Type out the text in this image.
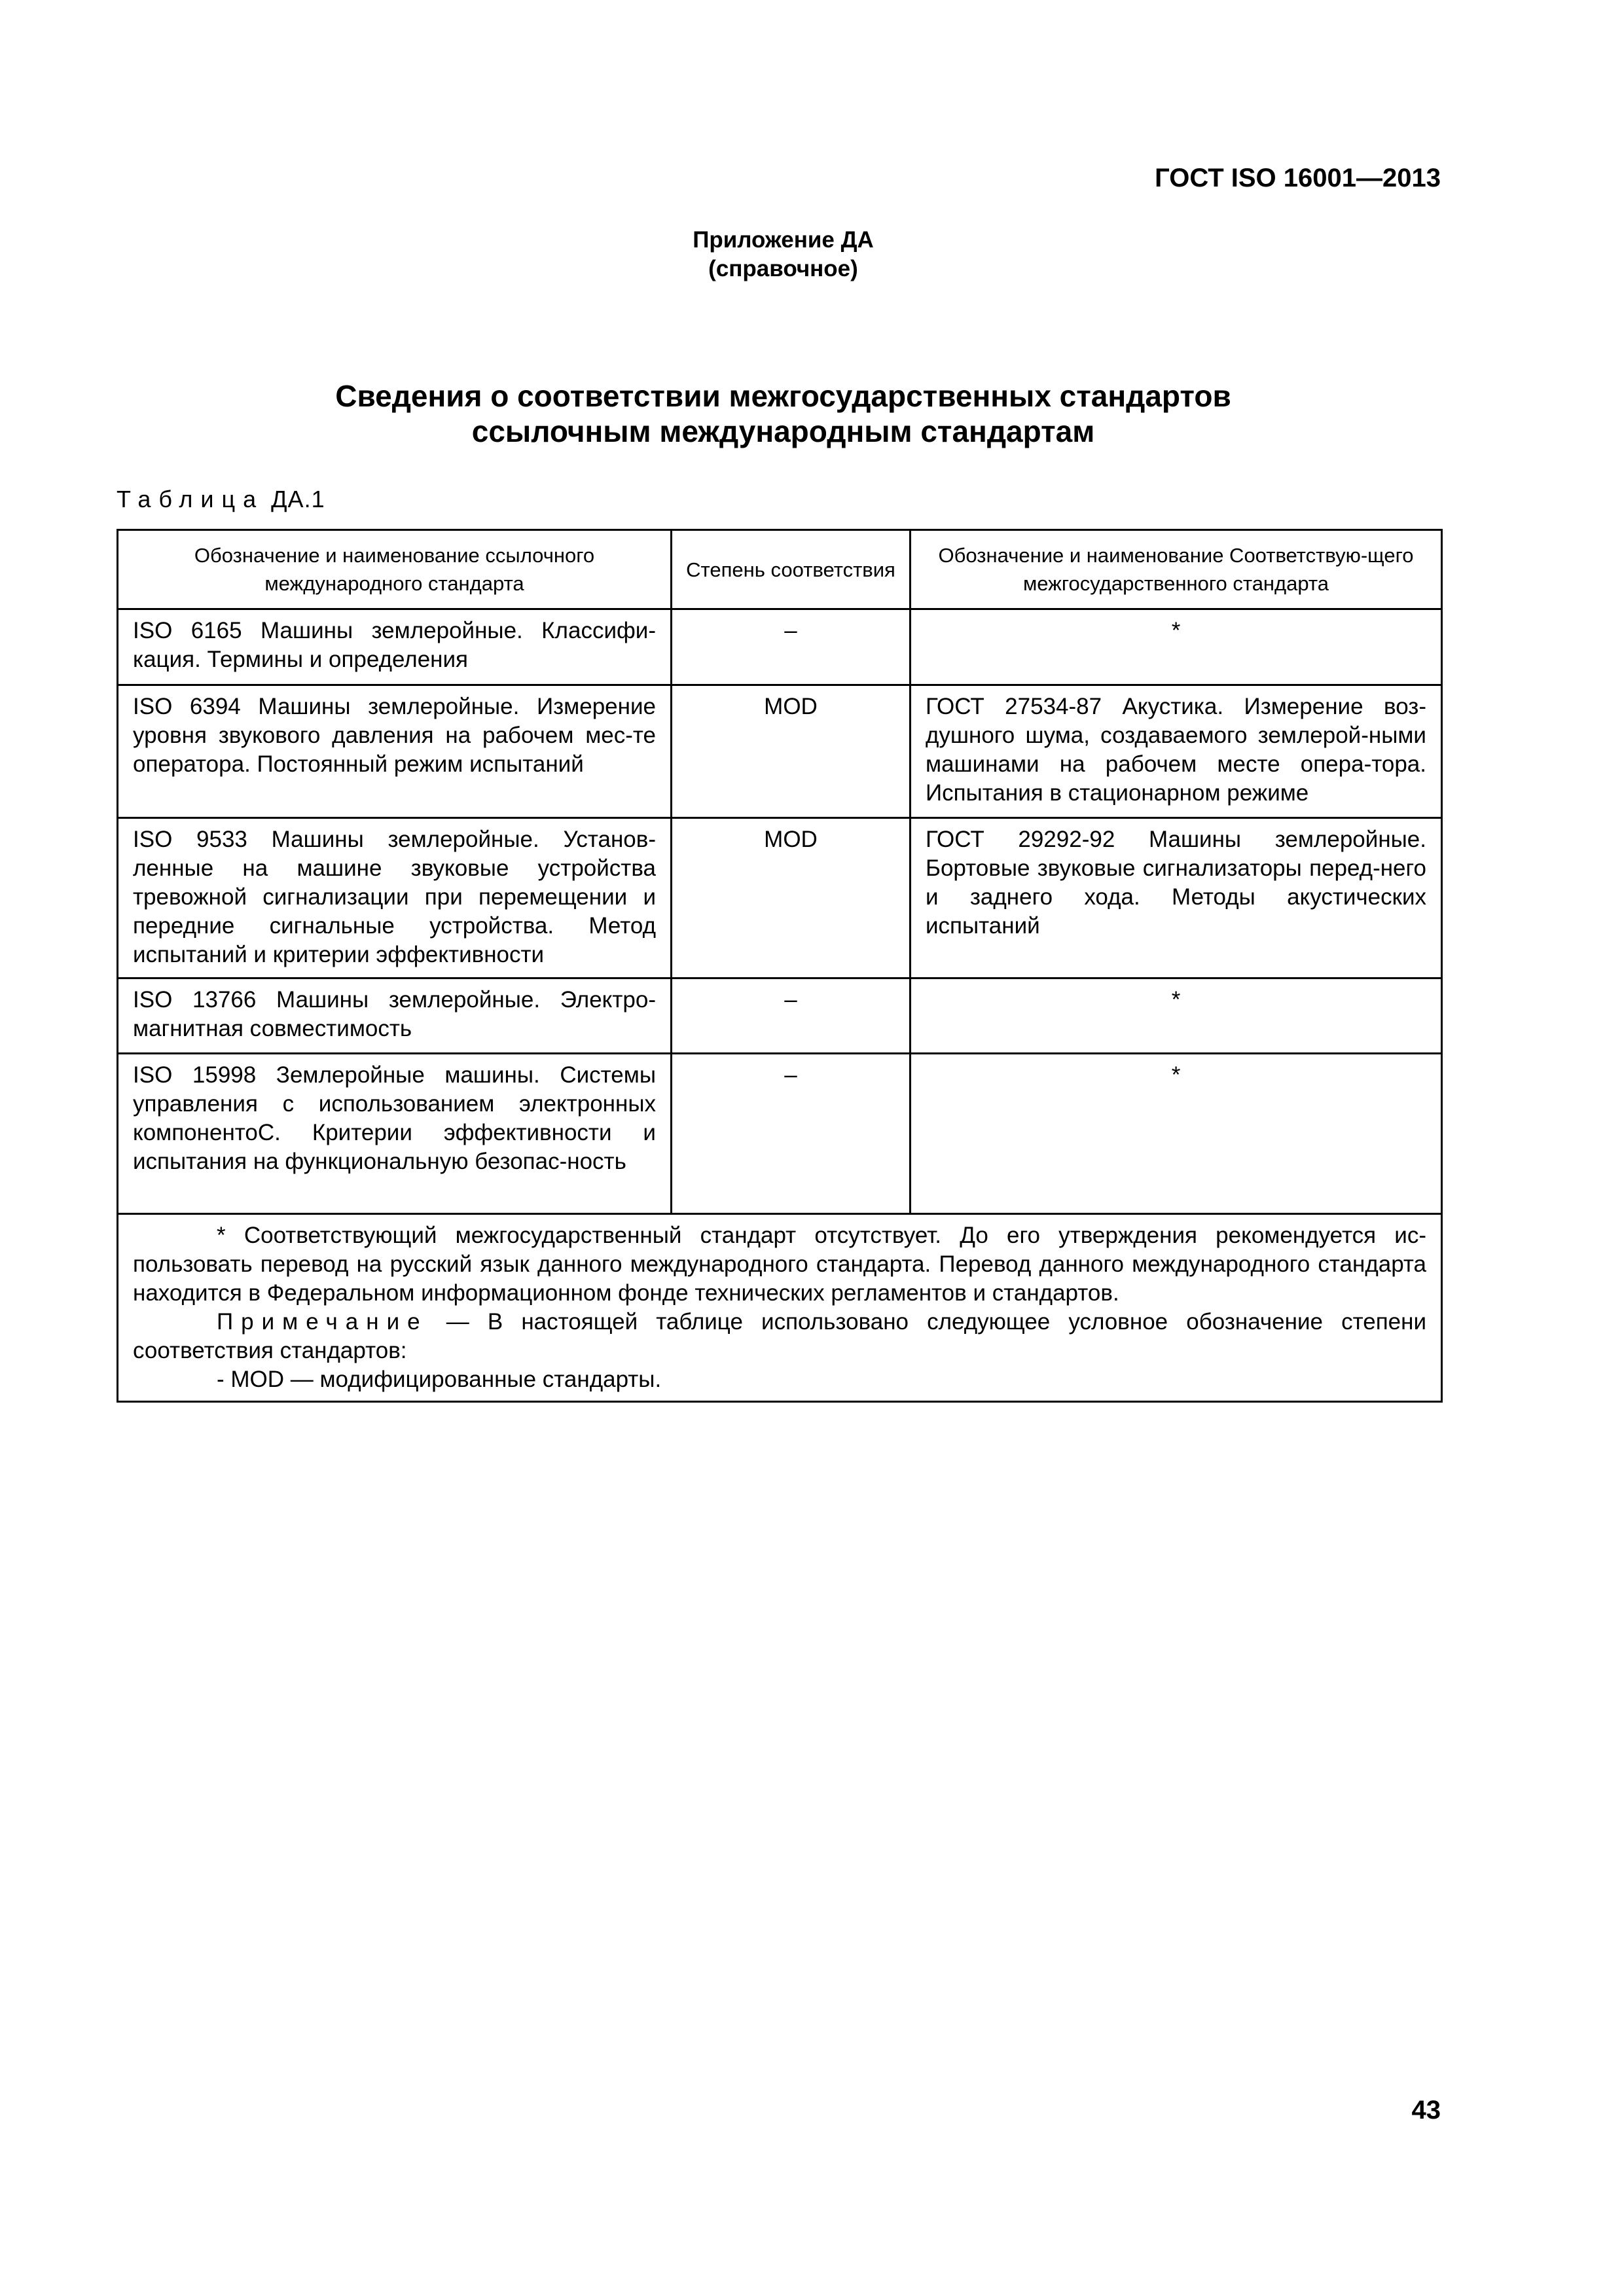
ГОСТ ISO 16001—2013
Приложение ДА
(справочное)
Сведения о соответствии межгосударственных стандартов
ссылочным международным стандартам
Таблица ДА.1
Обозначение и наименование ссылочного международного стандарта	Степень соответствия	Обозначение и наименование Соответствую-щего межгосударственного стандарта
ISO 6165 Машины землеройные. Классифи-кация. Термины и определения	–	*
ISO 6394 Машины землеройные. Измерение уровня звукового давления на рабочем мес-те оператора. Постоянный режим испытаний	MOD	ГОСТ 27534-87 Акустика. Измерение воз-душного шума, создаваемого землерой-ными машинами на рабочем месте опера-тора. Испытания в стационарном режиме
ISO 9533 Машины землеройные. Установ-ленные на машине звуковые устройства тревожной сигнализации при перемещении и передние сигнальные устройства. Метод испытаний и критерии эффективности	MOD	ГОСТ 29292-92 Машины землеройные. Бортовые звуковые сигнализаторы перед-него и заднего хода. Методы акустических испытаний
ISO 13766 Машины землеройные. Электро-магнитная совместимость	–	*
ISO 15998 Землеройные машины. Системы управления с использованием электронных компонентоС. Критерии эффективности и испытания на функциональную безопас-ность	–	*

* Соответствующий межгосударственный стандарт отсутствует. До его утверждения рекомендуется ис-пользовать перевод на русский язык данного международного стандарта. Перевод данного международного стандарта находится в Федеральном информационном фонде технических регламентов и стандартов.

Примечание — В настоящей таблице использовано следующее условное обозначение степени соответствия стандартов:

- MOD — модифицированные стандарты.		

43
